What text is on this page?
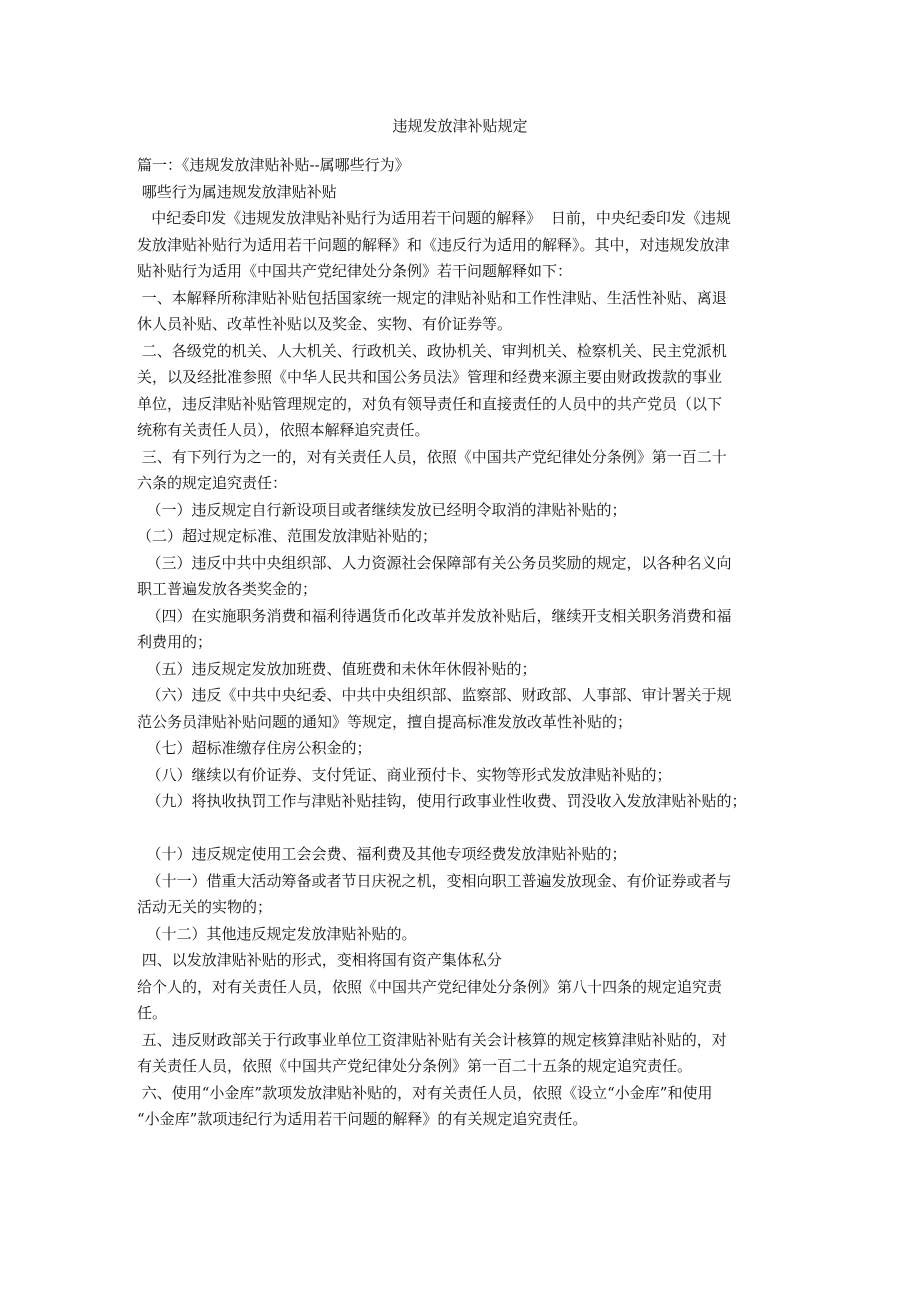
违规发放津补贴规定
篇一：《违规发放津贴补贴--属哪些行为》
哪些行为属违规发放津贴补贴
中纪委印发《违规发放津贴补贴行为适用若干问题的解释》  日前，中央纪委印发《违规
发放津贴补贴行为适用若干问题的解释》和《违反行为适用的解释》。其中，对违规发放津
贴补贴行为适用《中国共产党纪律处分条例》若干问题解释如下：
一、本解释所称津贴补贴包括国家统一规定的津贴补贴和工作性津贴、生活性补贴、离退
休人员补贴、改革性补贴以及奖金、实物、有价证券等。
二、各级党的机关、人大机关、行政机关、政协机关、审判机关、检察机关、民主党派机
关，以及经批准参照《中华人民共和国公务员法》管理和经费来源主要由财政拨款的事业
单位，违反津贴补贴管理规定的，对负有领导责任和直接责任的人员中的共产党员（以下
统称有关责任人员），依照本解释追究责任。
三、有下列行为之一的，对有关责任人员，依照《中国共产党纪律处分条例》第一百二十
六条的规定追究责任：
（一）违反规定自行新设项目或者继续发放已经明令取消的津贴补贴的；
（二）超过规定标准、范围发放津贴补贴的；
（三）违反中共中央组织部、人力资源社会保障部有关公务员奖励的规定，以各种名义向
职工普遍发放各类奖金的；
（四）在实施职务消费和福利待遇货币化改革并发放补贴后，继续开支相关职务消费和福
利费用的；
（五）违反规定发放加班费、值班费和未休年休假补贴的；
（六）违反《中共中央纪委、中共中央组织部、监察部、财政部、人事部、审计署关于规
范公务员津贴补贴问题的通知》等规定，擅自提高标准发放改革性补贴的；
（七）超标准缴存住房公积金的；
（八）继续以有价证券、支付凭证、商业预付卡、实物等形式发放津贴补贴的；
（九）将执收执罚工作与津贴补贴挂钩，使用行政事业性收费、罚没收入发放津贴补贴的；
（十）违反规定使用工会会费、福利费及其他专项经费发放津贴补贴的；
（十一）借重大活动筹备或者节日庆祝之机，变相向职工普遍发放现金、有价证券或者与
活动无关的实物的；
（十二）其他违反规定发放津贴补贴的。
四、以发放津贴补贴的形式，变相将国有资产集体私分
给个人的，对有关责任人员，依照《中国共产党纪律处分条例》第八十四条的规定追究责
任。
五、违反财政部关于行政事业单位工资津贴补贴有关会计核算的规定核算津贴补贴的，对
有关责任人员，依照《中国共产党纪律处分条例》第一百二十五条的规定追究责任。
六、使用“小金库”款项发放津贴补贴的，对有关责任人员，依照《设立“小金库”和使用
“小金库”款项违纪行为适用若干问题的解释》的有关规定追究责任。
